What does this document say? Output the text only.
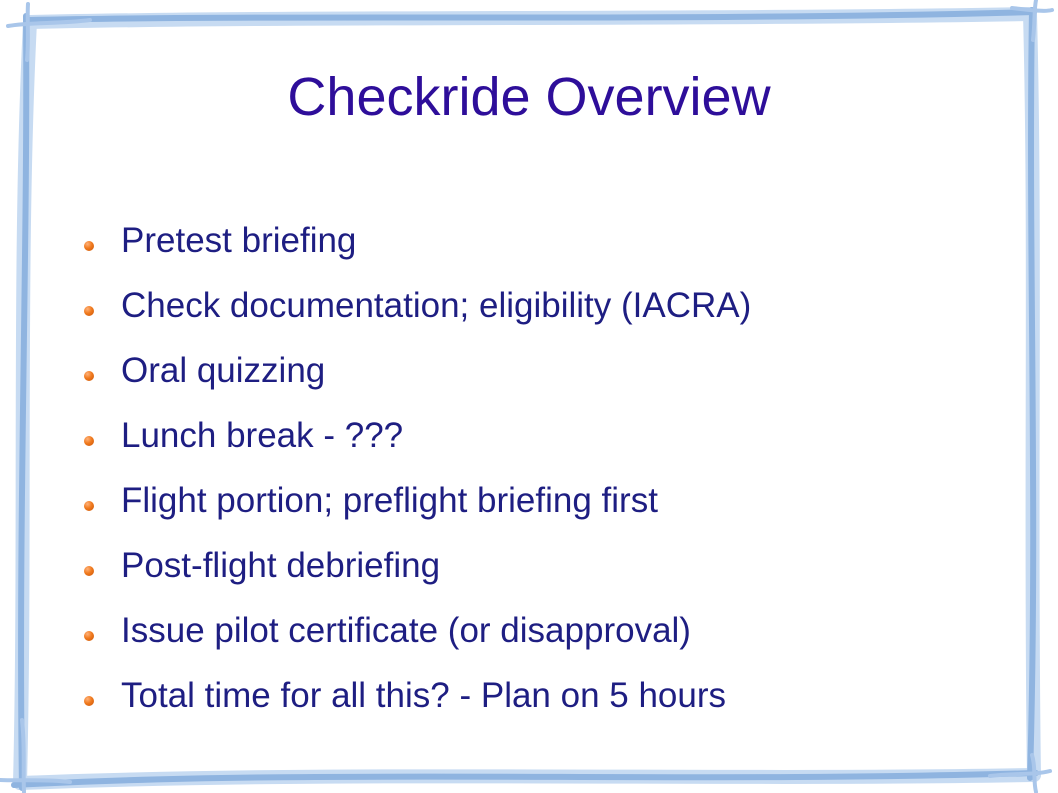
Checkride Overview
Pretest briefing
Check documentation; eligibility (IACRA)
Oral quizzing
Lunch break - ???
Flight portion; preflight briefing first
Post-flight debriefing
Issue pilot certificate (or disapproval)
Total time for all this? - Plan on 5 hours
